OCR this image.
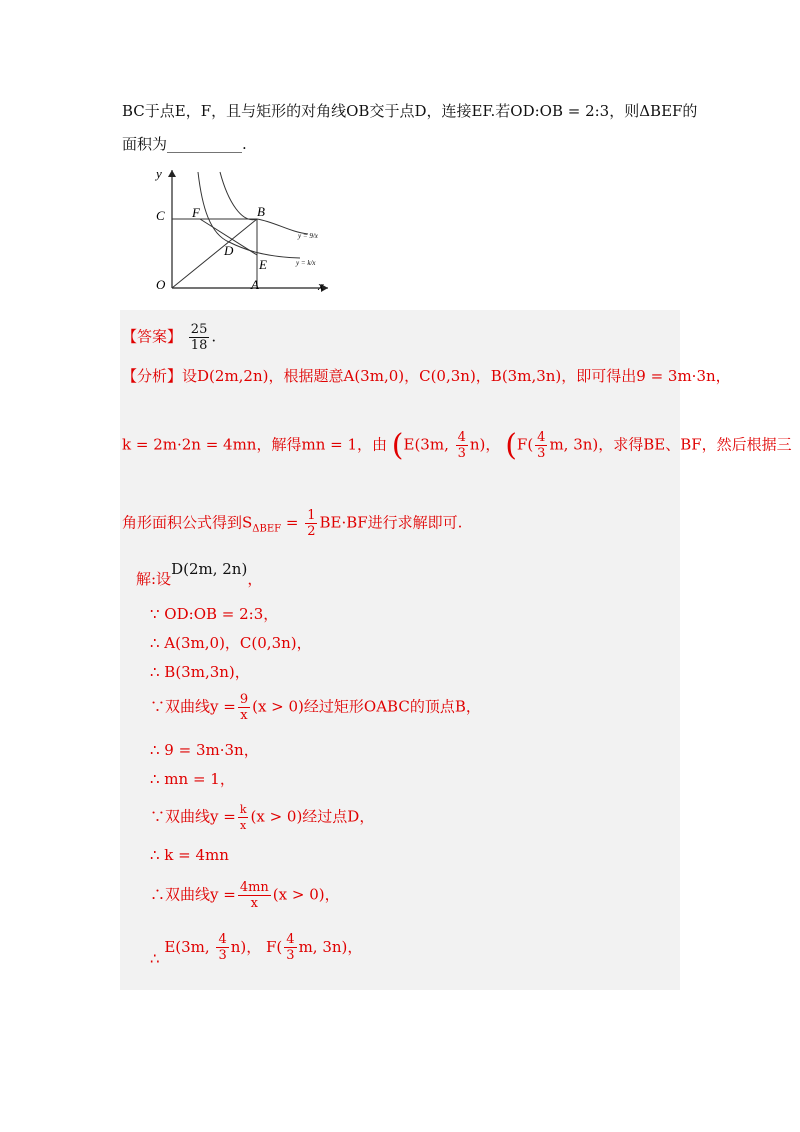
BC于点E，F，且与矩形的对角线OB交于点D，连接EF.若OD:OB = 2:3，则ΔBEF的
面积为__________.
y
x
O	A
C	B
F
D
E
y = 9/x
y = k/x
【答案】 $\frac{25}{18}$ .
【分析】设D(2m,2n)，根据题意A(3m,0)，C(0,3n)，B(3m,3n)，即可得出9 = 3m·3n，
k = 2m·2n = 4mn，解得mn = 1，由 (E(3m, $\frac{4}{3} n$)， ($F( \frac{4}{3} m$, 3n)，求得BE、BF，然后根据三
角形面积公式得到$S_{\Delta BEF} = \frac{1}{2} BE\cdot BF$进行求解即可.
解:设D(2m, 2n)，
∵ OD:OB = 2:3，
∴ A(3m,0)，C(0,3n)，
∴ B(3m,3n)，
∵双曲线$y = \frac{9}{x} (x > 0)$经过矩形OABC的顶点B，
∴ 9 = 3m·3n，
∴ mn = 1，
∵双曲线$y = \frac{k}{x} (x > 0)$经过点D，
∴ k = 4mn
∴双曲线$y = \frac{4mn}{x} (x > 0)$，
∴ E(3m, $\frac{4}{3} n$)， $F( \frac{4}{3} m$, 3n)，
